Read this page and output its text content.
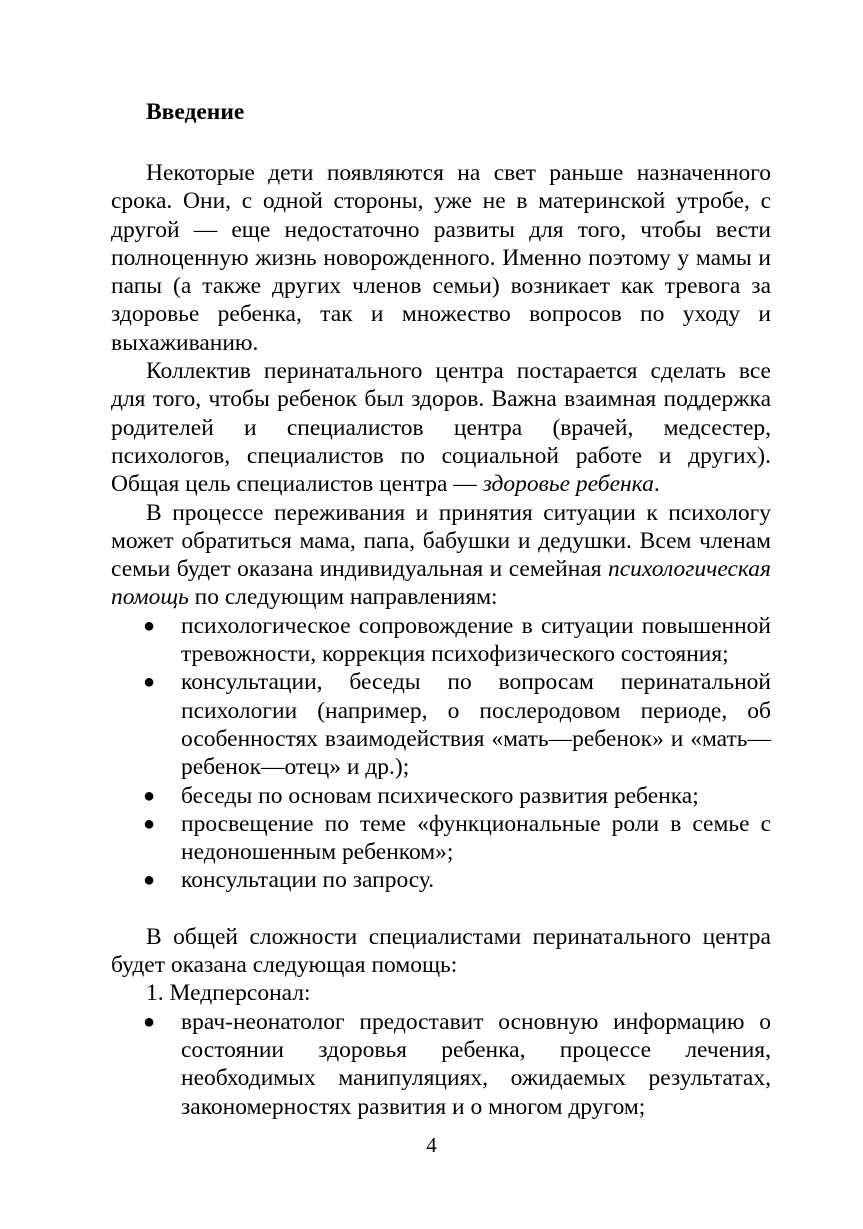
Введение

Некоторые дети появляются на свет раньше назначенного срока. Они, с одной стороны, уже не в материнской утробе, с другой — еще недостаточно развиты для того, чтобы вести полноценную жизнь новорожденного. Именно поэтому у мамы и папы (а также других членов семьи) возникает как тревога за здоровье ребенка, так и множество вопросов по уходу и выхаживанию.

Коллектив перинатального центра постарается сделать все для того, чтобы ребенок был здоров. Важна взаимная поддержка родителей и специалистов центра (врачей, медсестер, психологов, специалистов по социальной работе и других). Общая цель специалистов центра — здоровье ребенка.

В процессе переживания и принятия ситуации к психологу может обратиться мама, папа, бабушки и дедушки. Всем членам семьи будет оказана индивидуальная и семейная психологическая помощь по следующим направлениям:

● психологическое сопровождение в ситуации повышенной тревожности, коррекция психофизического состояния;
● консультации, беседы по вопросам перинатальной психологии (например, о послеродовом периоде, об особенностях взаимодействия «мать—ребенок» и «мать—ребенок—отец» и др.);
● беседы по основам психического развития ребенка;
● просвещение по теме «функциональные роли в семье с недоношенным ребенком»;
● консультации по запросу.

В общей сложности специалистами перинатального центра будет оказана следующая помощь:

1. Медперсонал:

● врач-неонатолог предоставит основную информацию о состоянии здоровья ребенка, процессе лечения, необходимых манипуляциях, ожидаемых результатах, закономерностях развития и о многом другом;
4
